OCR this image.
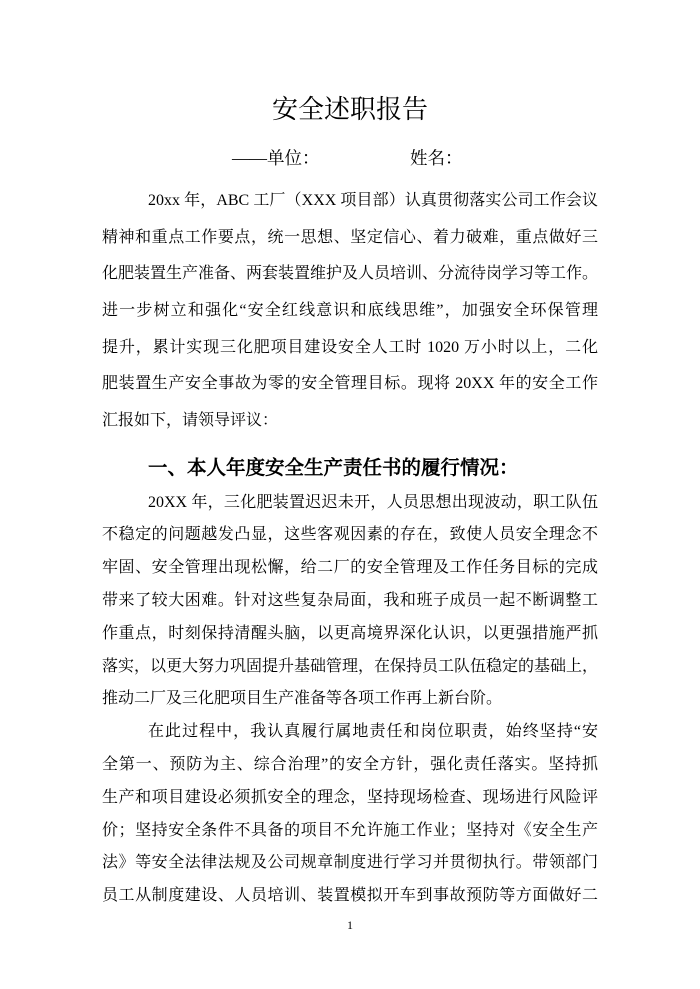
安全述职报告
——单位：	姓名：
20xx 年，ABC 工厂（XXX 项目部）认真贯彻落实公司工作会议
精神和重点工作要点，统一思想、坚定信心、着力破难，重点做好三
化肥装置生产准备、两套装置维护及人员培训、分流待岗学习等工作。
进一步树立和强化“安全红线意识和底线思维”，加强安全环保管理
提升，累计实现三化肥项目建设安全人工时 1020 万小时以上，二化
肥装置生产安全事故为零的安全管理目标。现将 20XX 年的安全工作
汇报如下，请领导评议：
一、本人年度安全生产责任书的履行情况：
20XX 年，三化肥装置迟迟未开，人员思想出现波动，职工队伍
不稳定的问题越发凸显，这些客观因素的存在，致使人员安全理念不
牢固、安全管理出现松懈，给二厂的安全管理及工作任务目标的完成
带来了较大困难。针对这些复杂局面，我和班子成员一起不断调整工
作重点，时刻保持清醒头脑，以更高境界深化认识，以更强措施严抓
落实，以更大努力巩固提升基础管理，在保持员工队伍稳定的基础上，
推动二厂及三化肥项目生产准备等各项工作再上新台阶。
在此过程中，我认真履行属地责任和岗位职责，始终坚持“安
全第一、预防为主、综合治理”的安全方针，强化责任落实。坚持抓
生产和项目建设必须抓安全的理念，坚持现场检查、现场进行风险评
价；坚持安全条件不具备的项目不允许施工作业；坚持对《安全生产
法》等安全法律法规及公司规章制度进行学习并贯彻执行。带领部门
员工从制度建设、人员培训、装置模拟开车到事故预防等方面做好二
1
